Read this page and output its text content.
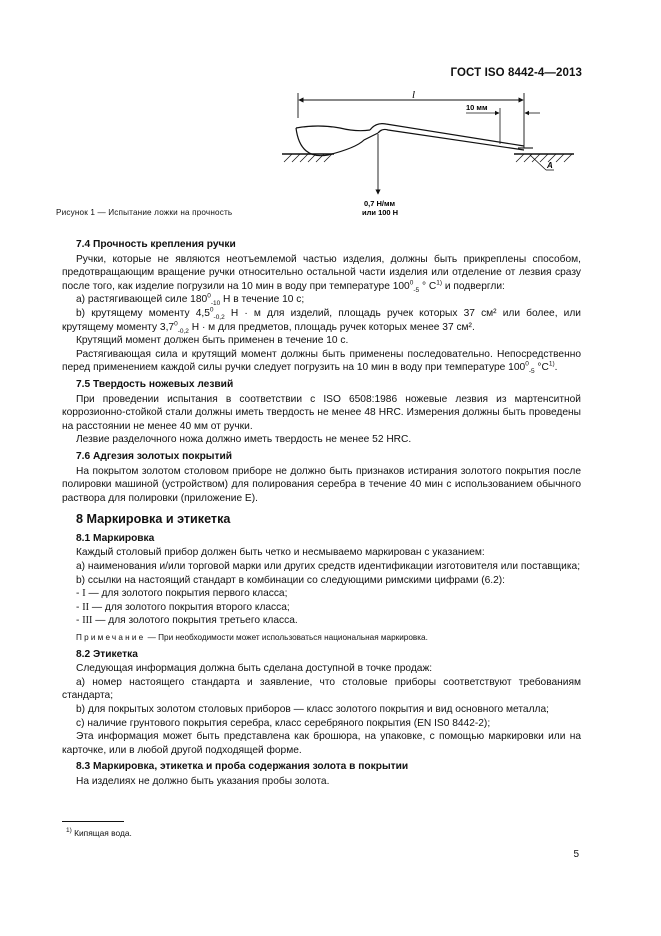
ГОСТ ISO 8442-4—2013
l
10 мм
A
0,7 Н/мм
или 100 Н
Рисунок 1 — Испытание ложки на прочность

7.4 Прочность крепления ручки

Ручки, которые не являются неотъемлемой частью изделия, должны быть прикреплены способом, предотвращающим вращение ручки относительно остальной части изделия или отделение от лезвия сразу после того, как изделие погрузили на 10 мин в воду при температуре $100^0_{-5}$ ° $С^{1)}$ и подвергли:

a) растягивающей силе $180^0_{-10}$ Н в течение 10 с;

b) крутящему моменту $4,5^0_{-0,2}$ Н · м для изделий, площадь ручек которых 37 см² или более, или крутящему моменту $3,7^0_{-0,2}$ Н · м для предметов, площадь ручек которых менее 37 см².

Крутящий момент должен быть применен в течение 10 с.

Растягивающая сила и крутящий момент должны быть применены последовательно. Непосредственно перед применением каждой силы ручки следует погрузить на 10 мин в воду при температуре $100^0_{-5}$ $^\circ С^{1)}$.

7.5 Твердость ножевых лезвий

При проведении испытания в соответствии с ISO 6508:1986 ножевые лезвия из мартенситной коррозионно-стойкой стали должны иметь твердость не менее 48 HRC. Измерения должны быть проведены на расстоянии не менее 40 мм от ручки.

Лезвие разделочного ножа должно иметь твердость не менее 52 HRC.

7.6 Адгезия золотых покрытий

На покрытом золотом столовом приборе не должно быть признаков истирания золотого покрытия после полировки машиной (устройством) для полирования серебра в течение 40 мин с использованием обычного раствора для полировки (приложение Е).

8 Маркировка и этикетка

8.1 Маркировка

Каждый столовый прибор должен быть четко и несмываемо маркирован с указанием:

a) наименования и/или торговой марки или других средств идентификации изготовителя или поставщика;

b) ссылки на настоящий стандарт в комбинации со следующими римскими цифрами (6.2):

- I — для золотого покрытия первого класса;

- II — для золотого покрытия второго класса;

- III — для золотого покрытия третьего класса.

Примечание — При необходимости может использоваться национальная маркировка.

8.2 Этикетка

Следующая информация должна быть сделана доступной в точке продаж:

a) номер настоящего стандарта и заявление, что столовые приборы соответствуют требованиям стандарта;

b) для покрытых золотом столовых приборов — класс золотого покрытия и вид основного металла;

c) наличие грунтового покрытия серебра, класс серебряного покрытия (EN IS0 8442-2);

Эта информация может быть представлена как брошюра, на упаковке, с помощью маркировки или на карточке, или в любой другой подходящей форме.

8.3 Маркировка, этикетка и проба содержания золота в покрытии

На изделиях не должно быть указания пробы золота.

$^{1)}$ Кипящая вода.
5
